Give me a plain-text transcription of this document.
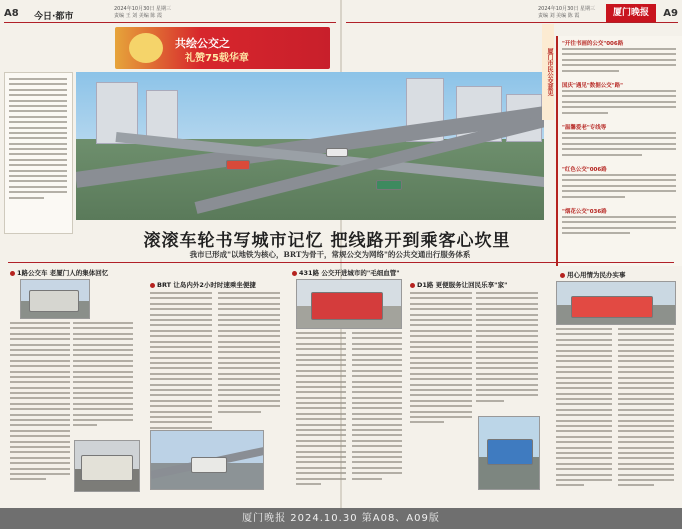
A8 今日·都市
2024年10月30日 星期三
责编 王 刘 美编 陈 霞
2024年10月30日 星期三
责编 刘 美编 陈 霞	厦门晚报	A9
共绘公交之
礼赞75载华章	厦门市民公交意见
"开往书画的公交"006路
国庆"遇见"数据公交"路"
"温馨爱老"专线等
"红色公交"006路
"烟花公交"036路
滚滚车轮书写城市记忆 把线路开到乘客心坎里
我市已形成"以地铁为核心，BRT为骨干，常规公交为网络"的公共交通出行服务体系
1路公交车 老厦门人的集体回忆
BRT 让岛内外2小时时速乘坐便捷
431路 公交开进城市的"毛细血管"
D1路 更便服务让回民乐享"家"
用心用情为民办实事
厦门晚报 2024.10.30 第A08、A09版
